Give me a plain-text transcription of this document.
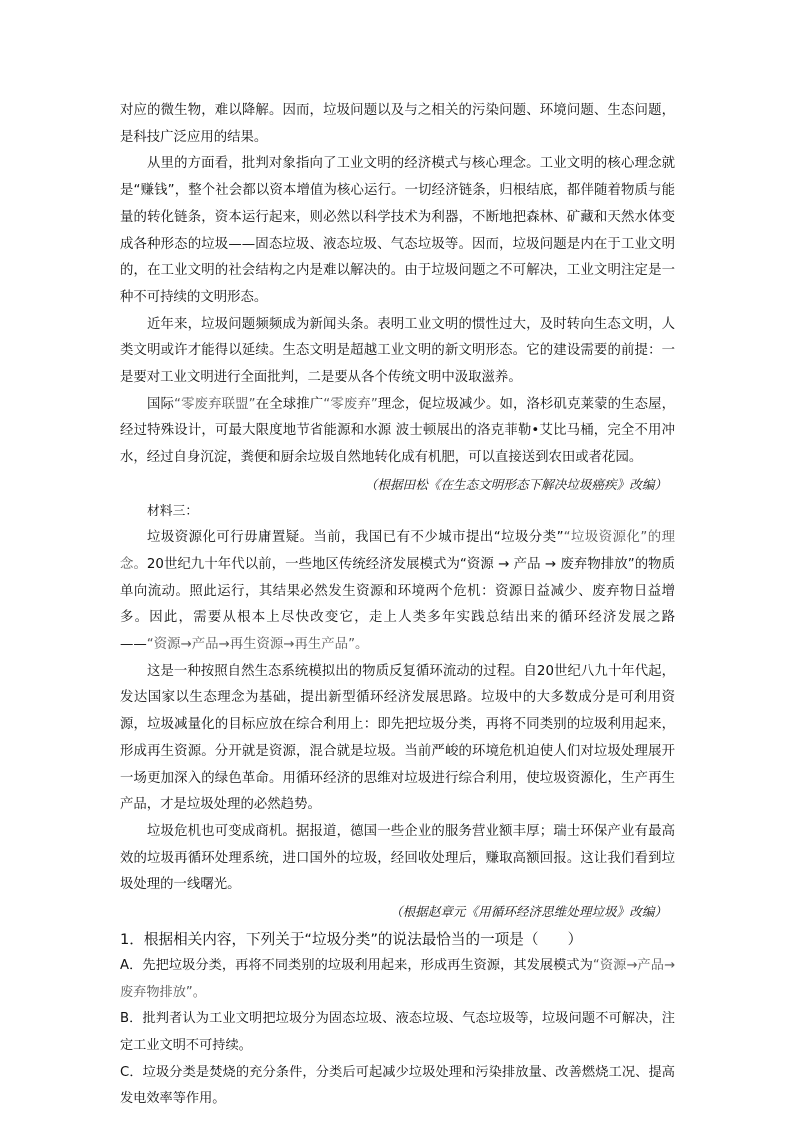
对应的微生物，难以降解。因而，垃圾问题以及与之相关的污染问题、环境问题、生态问题，是科技广泛应用的结果。

从里的方面看，批判对象指向了工业文明的经济模式与核心理念。工业文明的核心理念就是“赚钱”，整个社会都以资本增值为核心运行。一切经济链条，归根结底，都伴随着物质与能量的转化链条，资本运行起来，则必然以科学技术为利器，不断地把森林、矿藏和天然水体变成各种形态的垃圾——固态垃圾、液态垃圾、气态垃圾等。因而，垃圾问题是内在于工业文明的，在工业文明的社会结构之内是难以解决的。由于垃圾问题之不可解决，工业文明注定是一种不可持续的文明形态。

近年来，垃圾问题频频成为新闻头条。表明工业文明的惯性过大，及时转向生态文明，人类文明或许才能得以延续。生态文明是超越工业文明的新文明形态。它的建设需要的前提：一是要对工业文明进行全面批判，二是要从各个传统文明中汲取滋养。

国际“零废弃联盟”在全球推广“零废弃”理念，促垃圾减少。如，洛杉矶克莱蒙的生态屋，经过特殊设计，可最大限度地节省能源和水源 波士顿展出的洛克菲勒•艾比马桶，完全不用冲水，经过自身沉淀，粪便和厨余垃圾自然地转化成有机肥，可以直接送到农田或者花园。

（根据田松《在生态文明形态下解决垃圾癌疾》改编）

材料三：

垃圾资源化可行毋庸置疑。当前，我国已有不少城市提出“垃圾分类”“垃圾资源化”的理念。20世纪九十年代以前，一些地区传统经济发展模式为“资源 → 产品 → 废弃物排放”的物质单向流动。照此运行，其结果必然发生资源和环境两个危机：资源日益减少、废弃物日益增多。因此，需要从根本上尽快改变它，走上人类多年实践总结出来的循环经济发展之路——“资源→产品→再生资源→再生产品”。

这是一种按照自然生态系统模拟出的物质反复循环流动的过程。自20世纪八九十年代起，发达国家以生态理念为基础，提出新型循环经济发展思路。垃圾中的大多数成分是可利用资源，垃圾减量化的目标应放在综合利用上：即先把垃圾分类，再将不同类别的垃圾利用起来，形成再生资源。分开就是资源，混合就是垃圾。当前严峻的环境危机迫使人们对垃圾处理展开一场更加深入的绿色革命。用循环经济的思维对垃圾进行综合利用，使垃圾资源化，生产再生产品，才是垃圾处理的必然趋势。

垃圾危机也可变成商机。据报道，德国一些企业的服务营业额丰厚；瑞士环保产业有最高效的垃圾再循环处理系统，进口国外的垃圾，经回收处理后，赚取高额回报。这让我们看到垃圾处理的一线曙光。

（根据赵章元《用循环经济思维处理垃圾》改编）

1．根据相关内容，下列关于“垃圾分类”的说法最恰当的一项是（　　）

A．先把垃圾分类，再将不同类别的垃圾利用起来，形成再生资源，其发展模式为“资源→产品→废弃物排放”。

B．批判者认为工业文明把垃圾分为固态垃圾、液态垃圾、气态垃圾等，垃圾问题不可解决，注定工业文明不可持续。

C．垃圾分类是焚烧的充分条件，分类后可起减少垃圾处理和污染排放量、改善燃烧工况、提高发电效率等作用。
